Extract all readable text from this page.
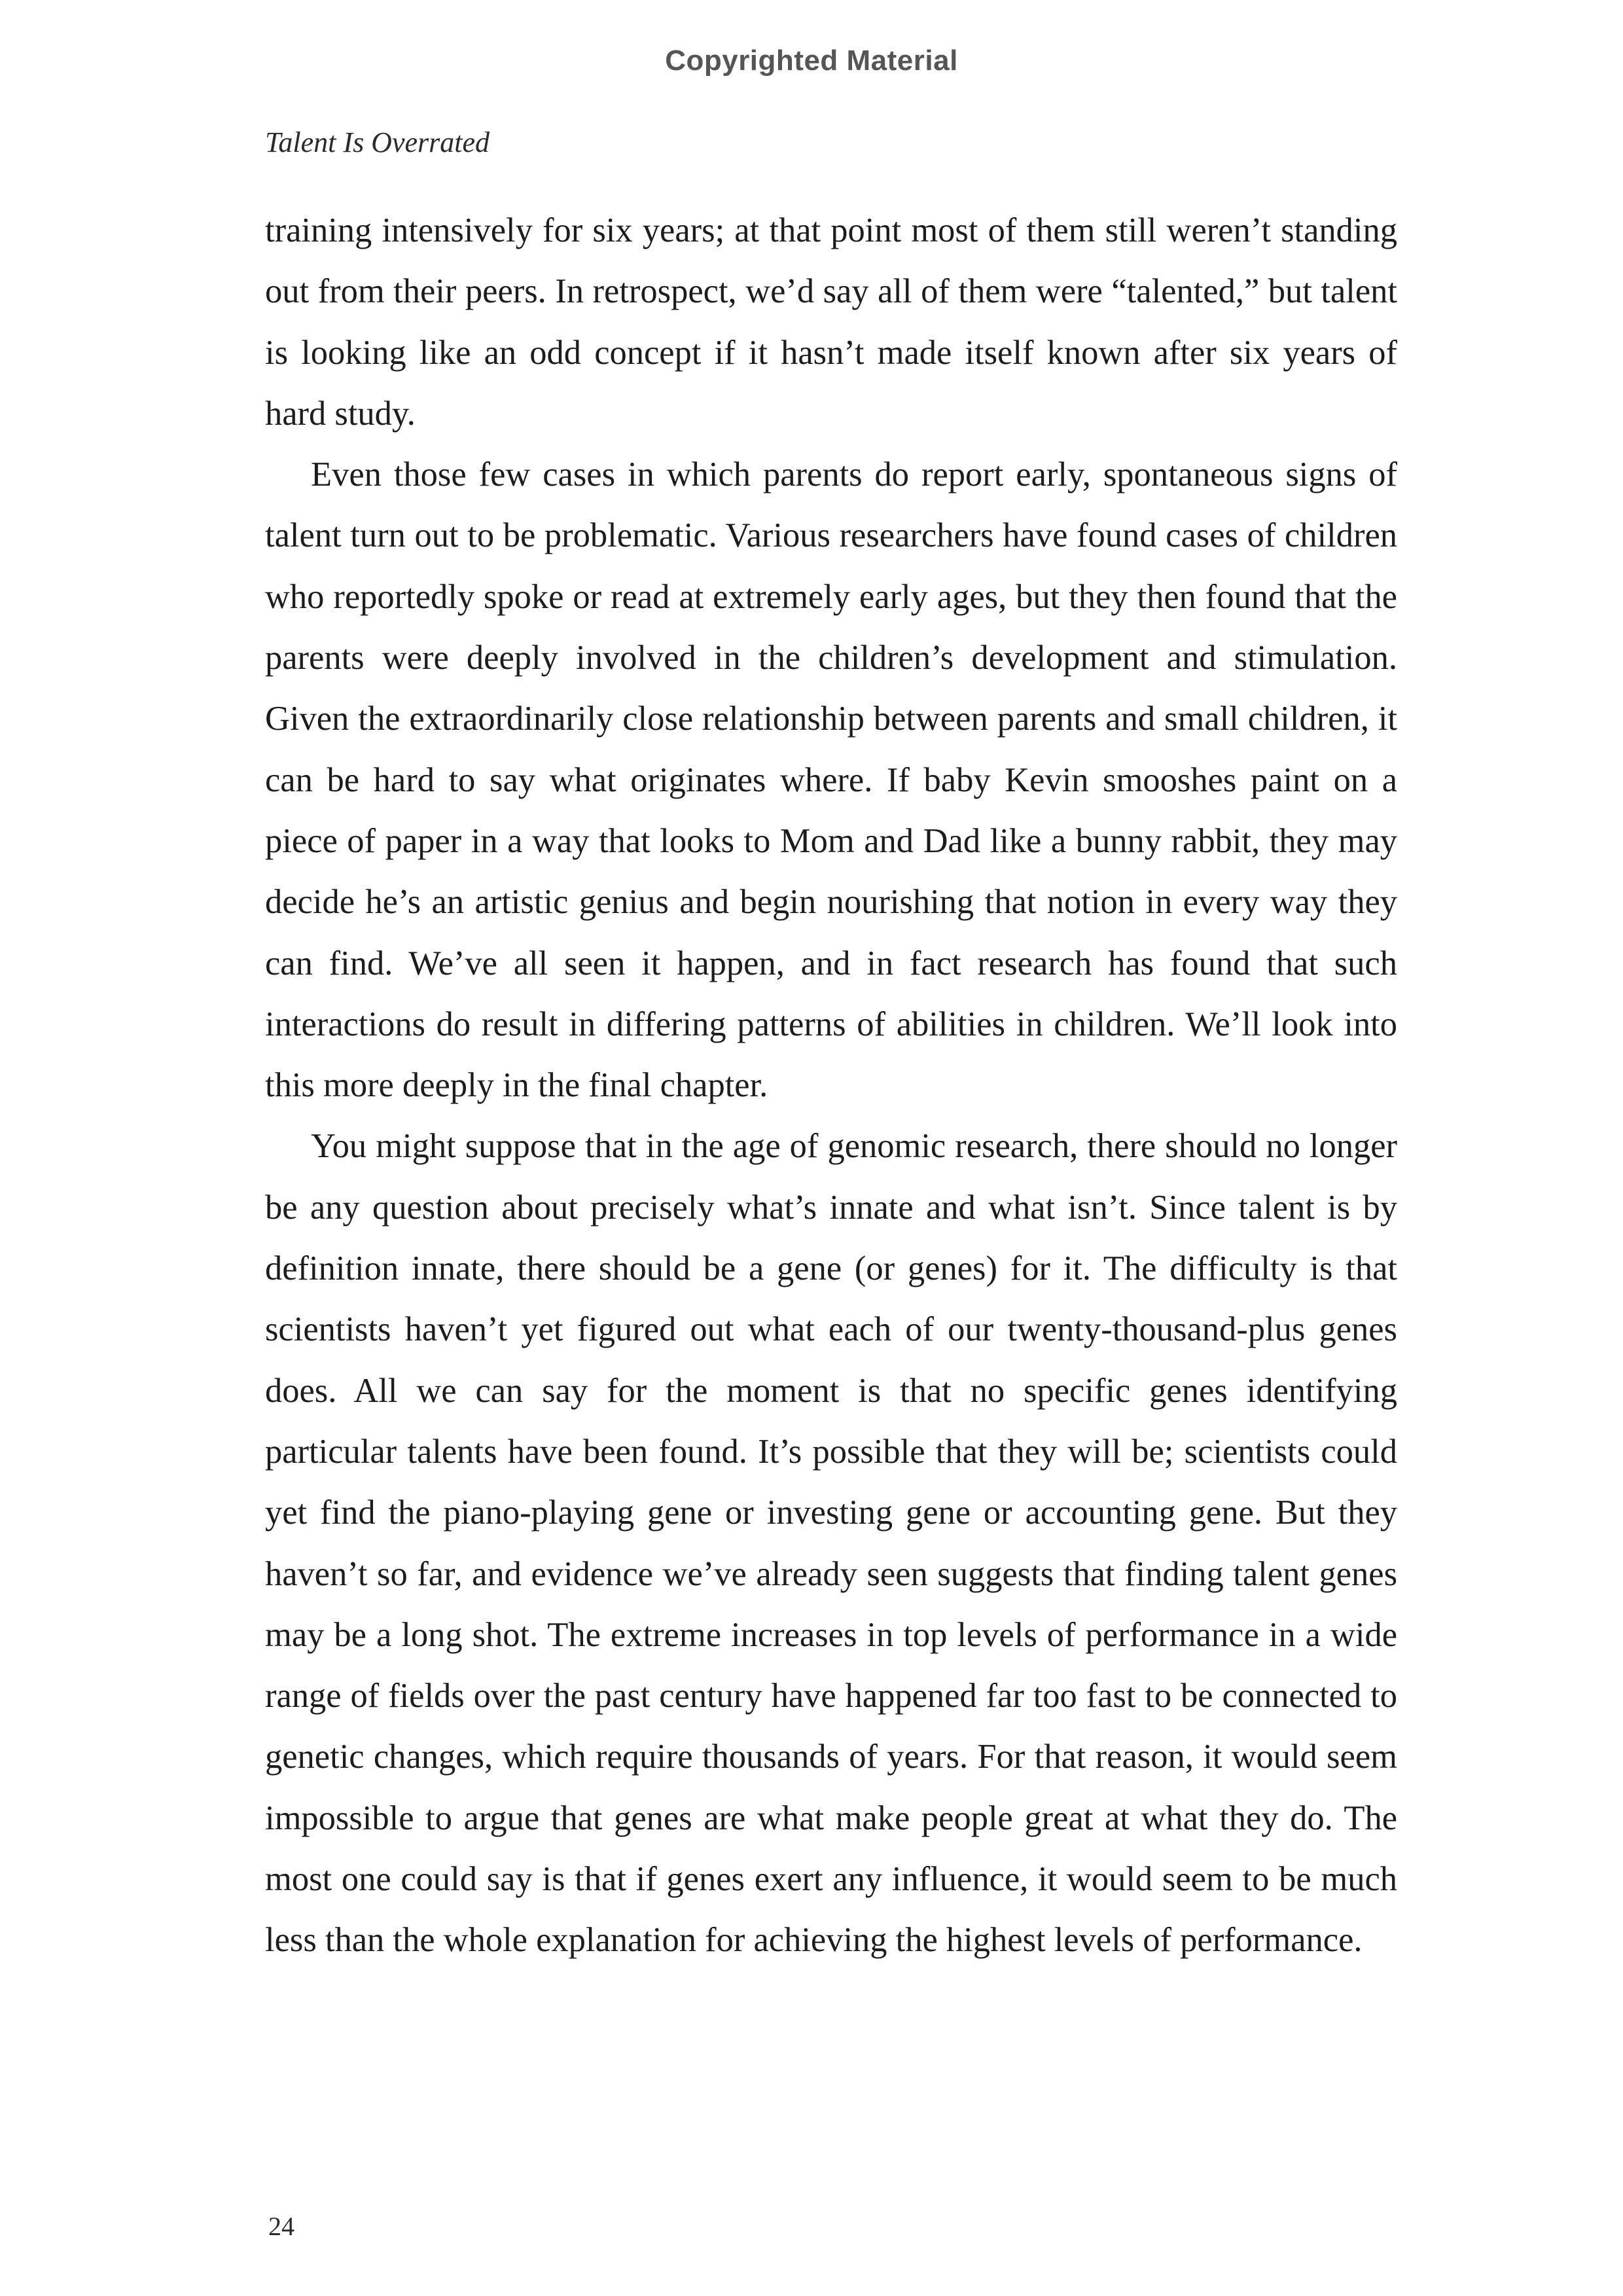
Copyrighted Material
Talent Is Overrated

training intensively for six years; at that point most of them still weren’t standing out from their peers. In retrospect, we’d say all of them were “talented,” but talent is looking like an odd concept if it hasn’t made itself known after six years of hard study.

Even those few cases in which parents do report early, spontaneous signs of talent turn out to be problematic. Various researchers have found cases of children who reportedly spoke or read at extremely early ages, but they then found that the parents were deeply involved in the children’s development and stimulation. Given the extraordinarily close relationship between parents and small children, it can be hard to say what originates where. If baby Kevin smooshes paint on a piece of paper in a way that looks to Mom and Dad like a bunny rabbit, they may decide he’s an artistic genius and begin nourishing that notion in every way they can find. We’ve all seen it happen, and in fact research has found that such interactions do result in differing patterns of abilities in children. We’ll look into this more deeply in the final chapter.

You might suppose that in the age of genomic research, there should no longer be any question about precisely what’s innate and what isn’t. Since talent is by definition innate, there should be a gene (or genes) for it. The difficulty is that scientists haven’t yet figured out what each of our twenty-thousand-plus genes does. All we can say for the moment is that no specific genes identifying particular talents have been found. It’s possible that they will be; scientists could yet find the piano-playing gene or investing gene or accounting gene. But they haven’t so far, and evidence we’ve already seen suggests that finding talent genes may be a long shot. The extreme increases in top levels of performance in a wide range of fields over the past century have happened far too fast to be connected to genetic changes, which require thousands of years. For that reason, it would seem impossible to argue that genes are what make people great at what they do. The most one could say is that if genes exert any influence, it would seem to be much less than the whole explanation for achieving the highest levels of performance.

24
